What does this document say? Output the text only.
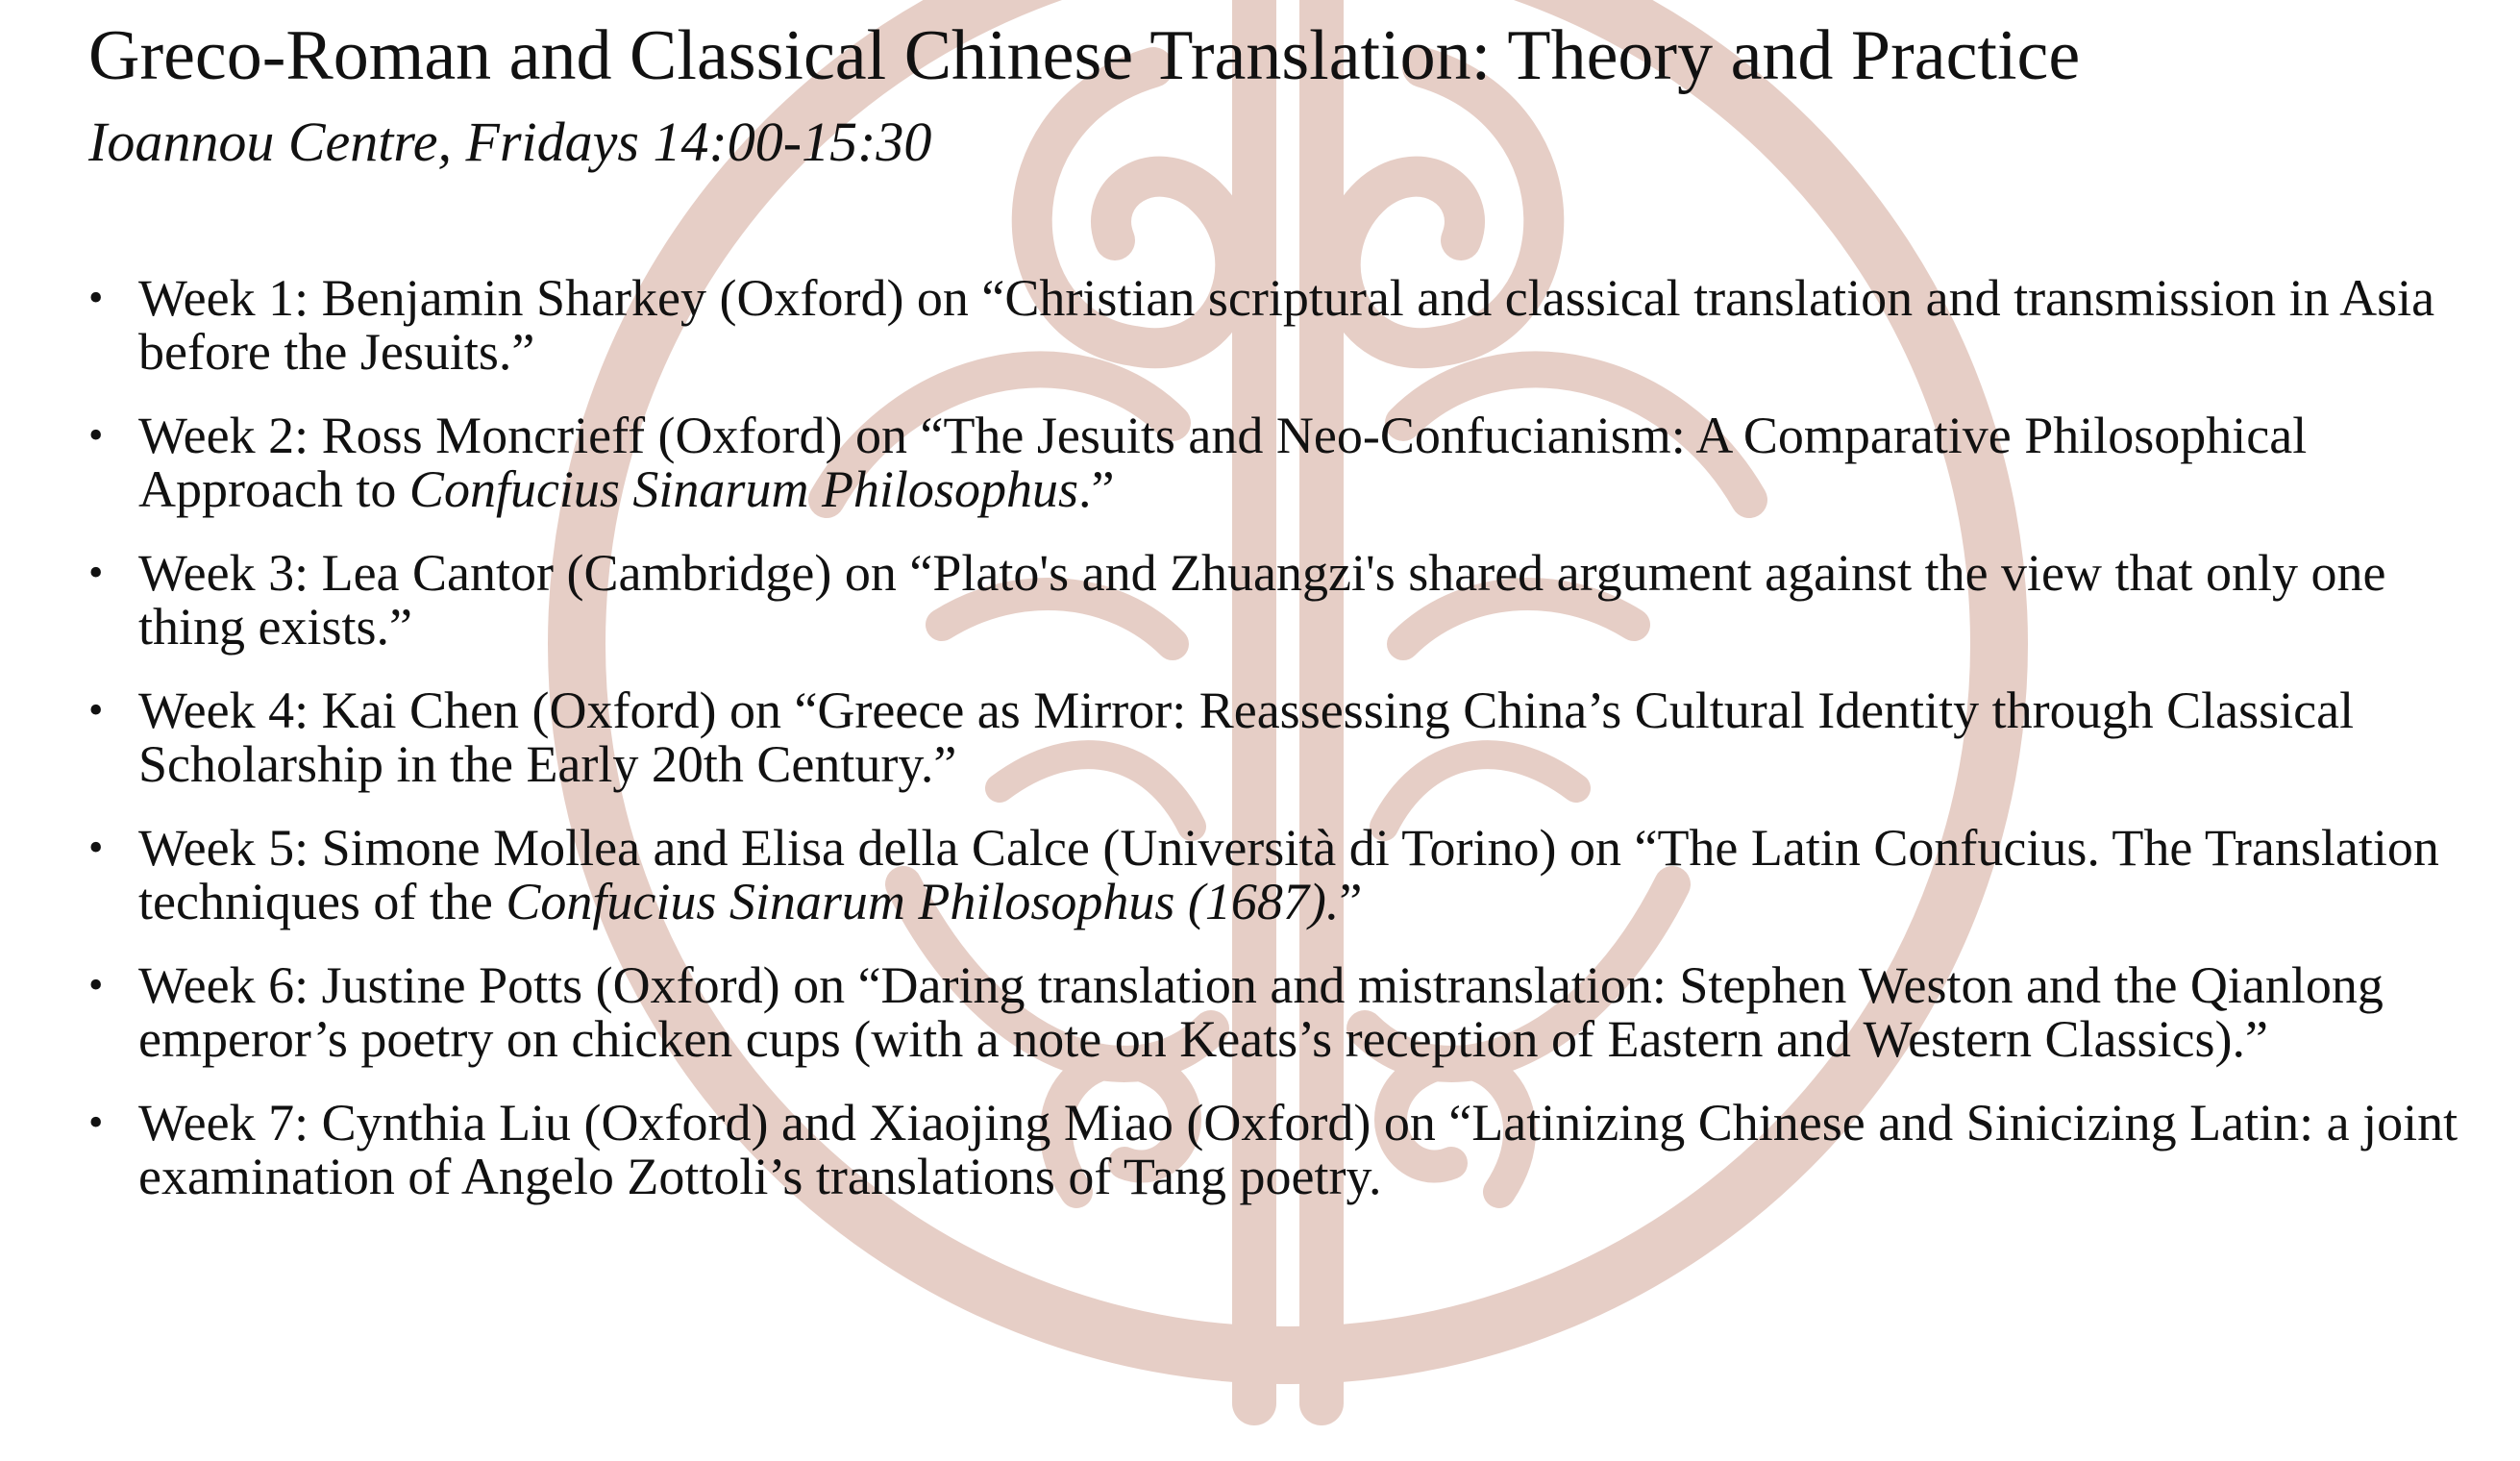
Greco-Roman and Classical Chinese Translation: Theory and Practice
Ioannou Centre, Fridays 14:00-15:30
• Week 1: Benjamin Sharkey (Oxford) on “Christian scriptural and classical translation and transmission in Asia before the Jesuits.”
• Week 2: Ross Moncrieff (Oxford) on “The Jesuits and Neo-Confucianism: A Comparative Philosophical Approach to Confucius Sinarum Philosophus.”
• Week 3: Lea Cantor (Cambridge) on “Plato's and Zhuangzi's shared argument against the view that only one thing exists.”
• Week 4: Kai Chen (Oxford) on “Greece as Mirror: Reassessing China’s Cultural Identity through Classical Scholarship in the Early 20th Century.”
• Week 5: Simone Mollea and Elisa della Calce (Università di Torino) on “The Latin Confucius. The Translation techniques of the Confucius Sinarum Philosophus (1687).”
• Week 6: Justine Potts (Oxford) on “Daring translation and mistranslation: Stephen Weston and the Qianlong emperor’s poetry on chicken cups (with a note on Keats’s reception of Eastern and Western Classics).”
• Week 7: Cynthia Liu (Oxford) and Xiaojing Miao (Oxford) on “Latinizing Chinese and Sinicizing Latin: a joint examination of Angelo Zottoli’s translations of Tang poetry.
